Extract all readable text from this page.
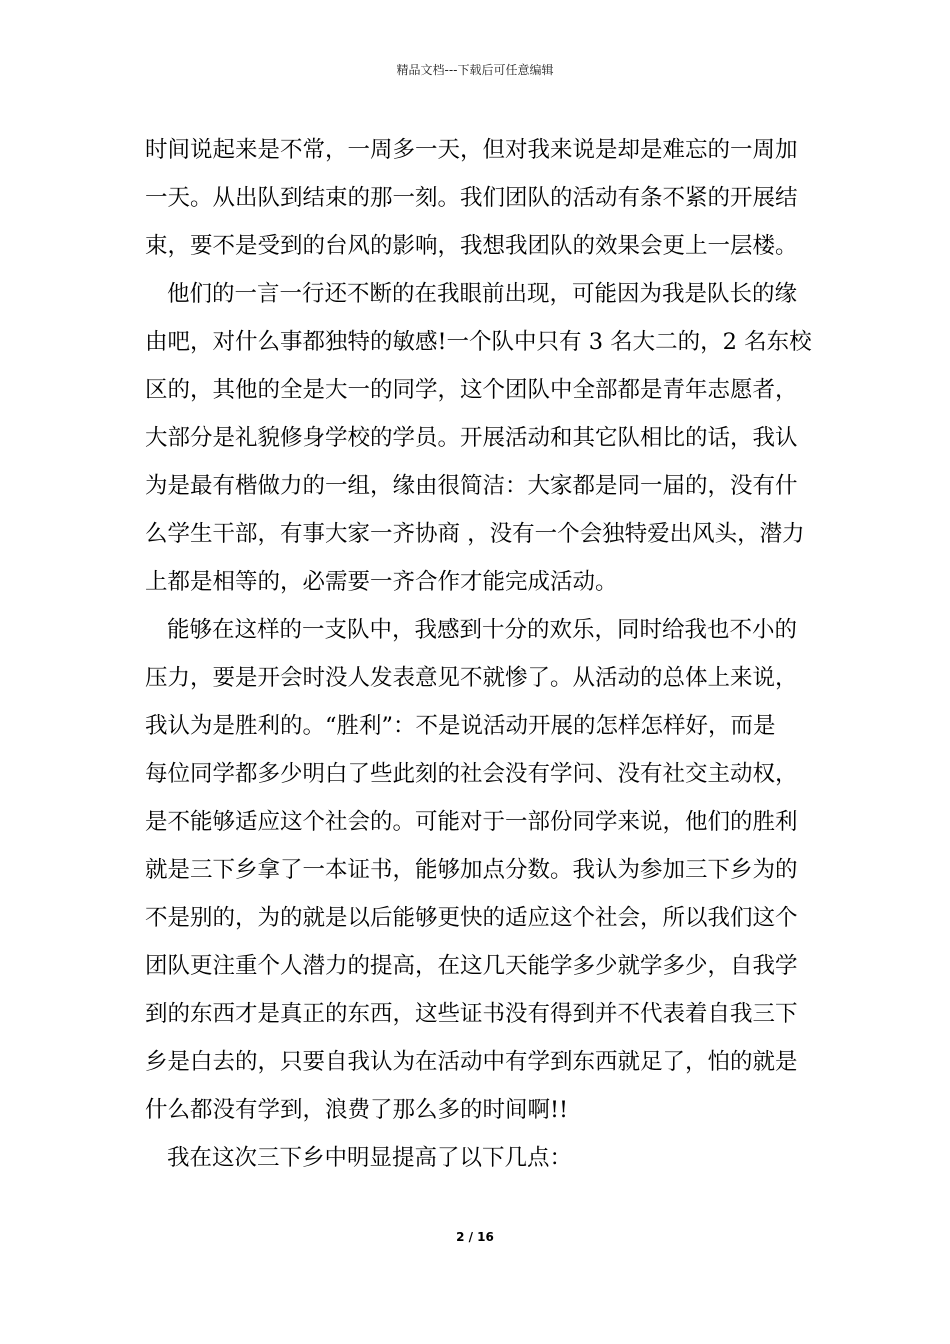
精品文档---下载后可任意编辑

时间说起来是不常，一周多一天，但对我来说是却是难忘的一周加
一天。从出队到结束的那一刻。我们团队的活动有条不紧的开展结
束，要不是受到的台风的影响，我想我团队的效果会更上一层楼。

他们的一言一行还不断的在我眼前出现，可能因为我是队长的缘
由吧，对什么事都独特的敏感!一个队中只有 3 名大二的，2 名东校
区的，其他的全是大一的同学，这个团队中全部都是青年志愿者，
大部分是礼貌修身学校的学员。开展活动和其它队相比的话，我认
为是最有楷做力的一组，缘由很简洁：大家都是同一届的，没有什
么学生干部，有事大家一齐协商 ，没有一个会独特爱出风头，潜力
上都是相等的，必需要一齐合作才能完成活动。

能够在这样的一支队中，我感到十分的欢乐，同时给我也不小的
压力，要是开会时没人发表意见不就惨了。从活动的总体上来说，
我认为是胜利的。“胜利”：不是说活动开展的怎样怎样好，而是
每位同学都多少明白了些此刻的社会没有学问、没有社交主动权，
是不能够适应这个社会的。可能对于一部份同学来说，他们的胜利
就是三下乡拿了一本证书，能够加点分数。我认为参加三下乡为的
不是别的，为的就是以后能够更快的适应这个社会，所以我们这个
团队更注重个人潜力的提高，在这几天能学多少就学多少，自我学
到的东西才是真正的东西，这些证书没有得到并不代表着自我三下
乡是白去的，只要自我认为在活动中有学到东西就足了，怕的就是
什么都没有学到，浪费了那么多的时间啊!!

我在这次三下乡中明显提高了以下几点：

2 / 16
